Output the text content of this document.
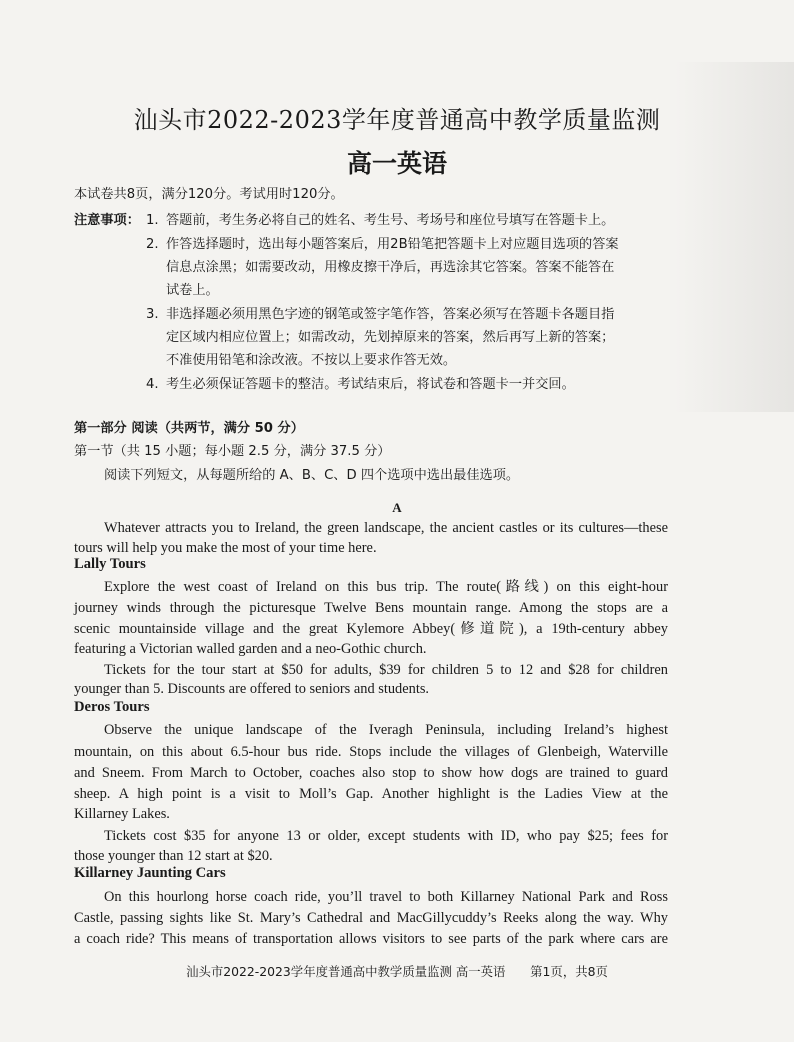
汕头市2022-2023学年度普通高中教学质量监测
高一英语
本试卷共8页，满分120分。考试用时120分。
注意事项： 1. 答题前，考生务必将自己的姓名、考生号、考场号和座位号填写在答题卡上。
2. 作答选择题时，选出每小题答案后，用2B铅笔把答题卡上对应题目选项的答案
信息点涂黑；如需要改动，用橡皮擦干净后，再选涂其它答案。答案不能答在
试卷上。
3. 非选择题必须用黑色字迹的钢笔或签字笔作答，答案必须写在答题卡各题目指
定区域内相应位置上；如需改动，先划掉原来的答案，然后再写上新的答案；
不准使用铅笔和涂改液。不按以上要求作答无效。
4. 考生必须保证答题卡的整洁。考试结束后，将试卷和答题卡一并交回。
第一部分 阅读（共两节，满分 50 分）
第一节（共 15 小题；每小题 2.5 分，满分 37.5 分）
阅读下列短文，从每题所给的 A、B、C、D 四个选项中选出最佳选项。
A
Whatever attracts you to Ireland, the green landscape, the ancient castles or its cultures—these
tours will help you make the most of your time here.
Lally Tours
Explore the west coast of Ireland on this bus trip. The route(路线) on this eight-hour
journey winds through the picturesque Twelve Bens mountain range. Among the stops are a
scenic mountainside village and the great Kylemore Abbey(修道院), a 19th-century abbey
featuring a Victorian walled garden and a neo-Gothic church.
Tickets for the tour start at $50 for adults, $39 for children 5 to 12 and $28 for children
younger than 5. Discounts are offered to seniors and students.
Deros Tours
Observe the unique landscape of the Iveragh Peninsula, including Ireland’s highest
mountain, on this about 6.5-hour bus ride. Stops include the villages of Glenbeigh, Waterville
and Sneem. From March to October, coaches also stop to show how dogs are trained to guard
sheep. A high point is a visit to Moll’s Gap. Another highlight is the Ladies View at the
Killarney Lakes.
Tickets cost $35 for anyone 13 or older, except students with ID, who pay $25; fees for
those younger than 12 start at $20.
Killarney Jaunting Cars
On this hourlong horse coach ride, you’ll travel to both Killarney National Park and Ross
Castle, passing sights like St. Mary’s Cathedral and MacGillycuddy’s Reeks along the way. Why
a coach ride? This means of transportation allows visitors to see parts of the park where cars are
汕头市2022-2023学年度普通高中教学质量监测 高一英语　　第1页，共8页
